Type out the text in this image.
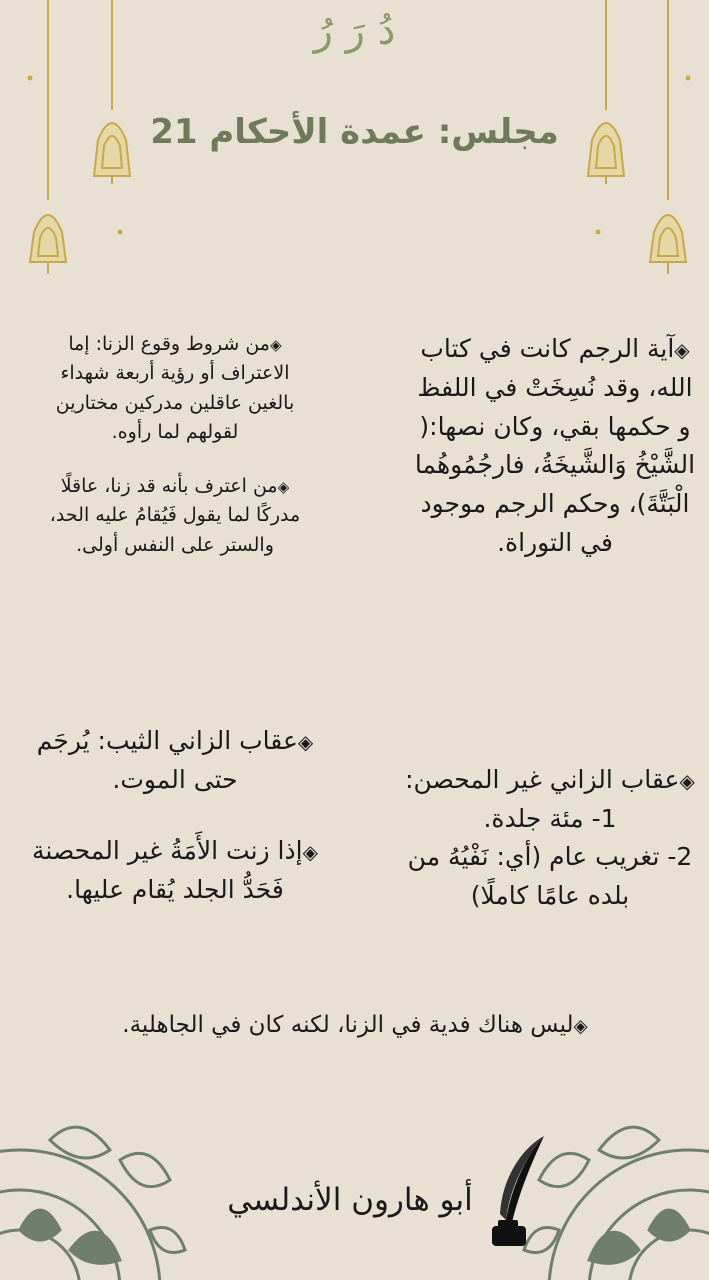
دُ رَ رُ
مجلس: عمدة الأحكام 21
◈آية الرجم كانت في كتاب الله، وقد نُسِخَتْ في اللفظ و حكمها بقي، وكان نصها:( الشَّيْخُ وَالشَّيخَةُ، فارجُمُوهُما الْبَتَّةَ)، وحكم الرجم موجود في التوراة.
◈من شروط وقوع الزنا: إما الاعتراف أو رؤية أربعة شهداء بالغين عاقلين مدركين مختارين لقولهم لما رأوه.
◈من اعترف بأنه قد زنا، عاقلًا مدركًا لما يقول فَيُقامُ عليه الحد، والستر على النفس أولى.

◈عقاب الزاني غير المحصن:
1- مئة جلدة.
2- تغريب عام (أي: نَفْيُهُ من بلده عامًا كاملًا)

◈عقاب الزاني الثيب: يُرجَم حتى الموت.
◈إذا زنت الأَمَةُ غير المحصنة فَحَدُّ الجلد يُقام عليها.
◈ليس هناك فدية في الزنا، لكنه كان في الجاهلية.
أبو هارون الأندلسي
